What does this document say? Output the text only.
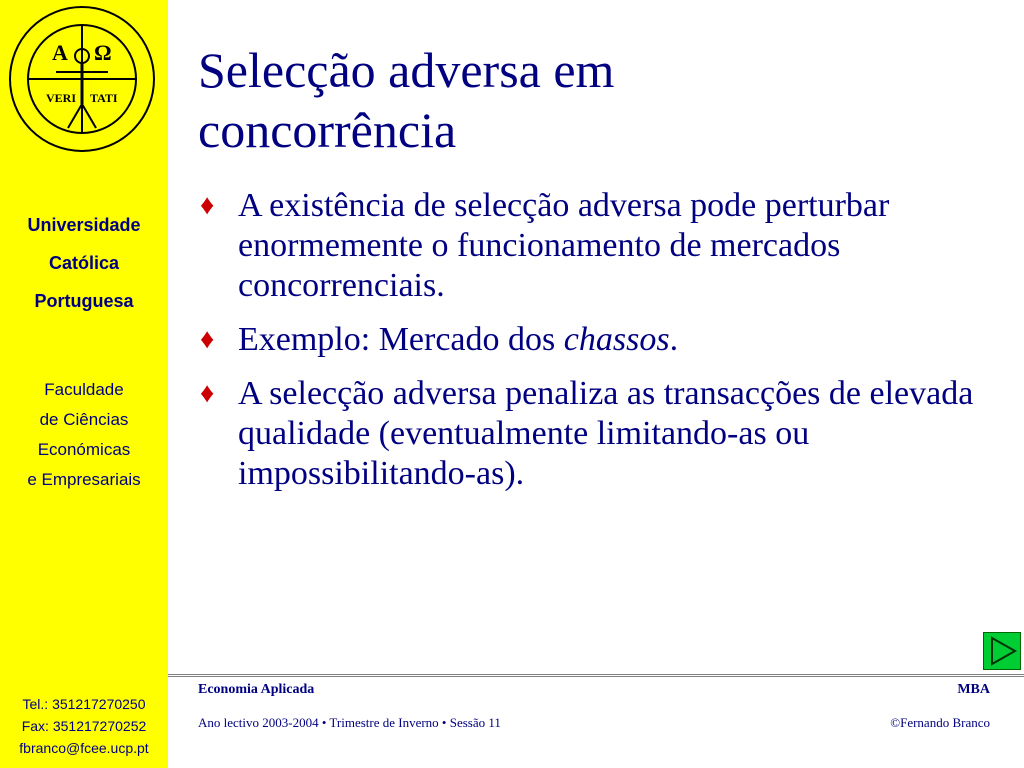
A Ω
VERI TATI
Universidade
Católica
Portuguesa
Faculdade
de Ciências
Económicas
e Empresariais
Tel.: 351217270250
Fax: 351217270252
fbranco@fcee.ucp.pt
Selecção adversa em
concorrência
♦ A existência de selecção adversa pode perturbar enormemente o funcionamento de mercados concorrenciais.
♦ Exemplo: Mercado dos chassos.
♦ A selecção adversa penaliza as transacções de elevada qualidade (eventualmente limitando-as ou impossibilitando-as).
Economia Aplicada	MBA
Ano lectivo 2003-2004 • Trimestre de Inverno • Sessão 11	©Fernando Branco
